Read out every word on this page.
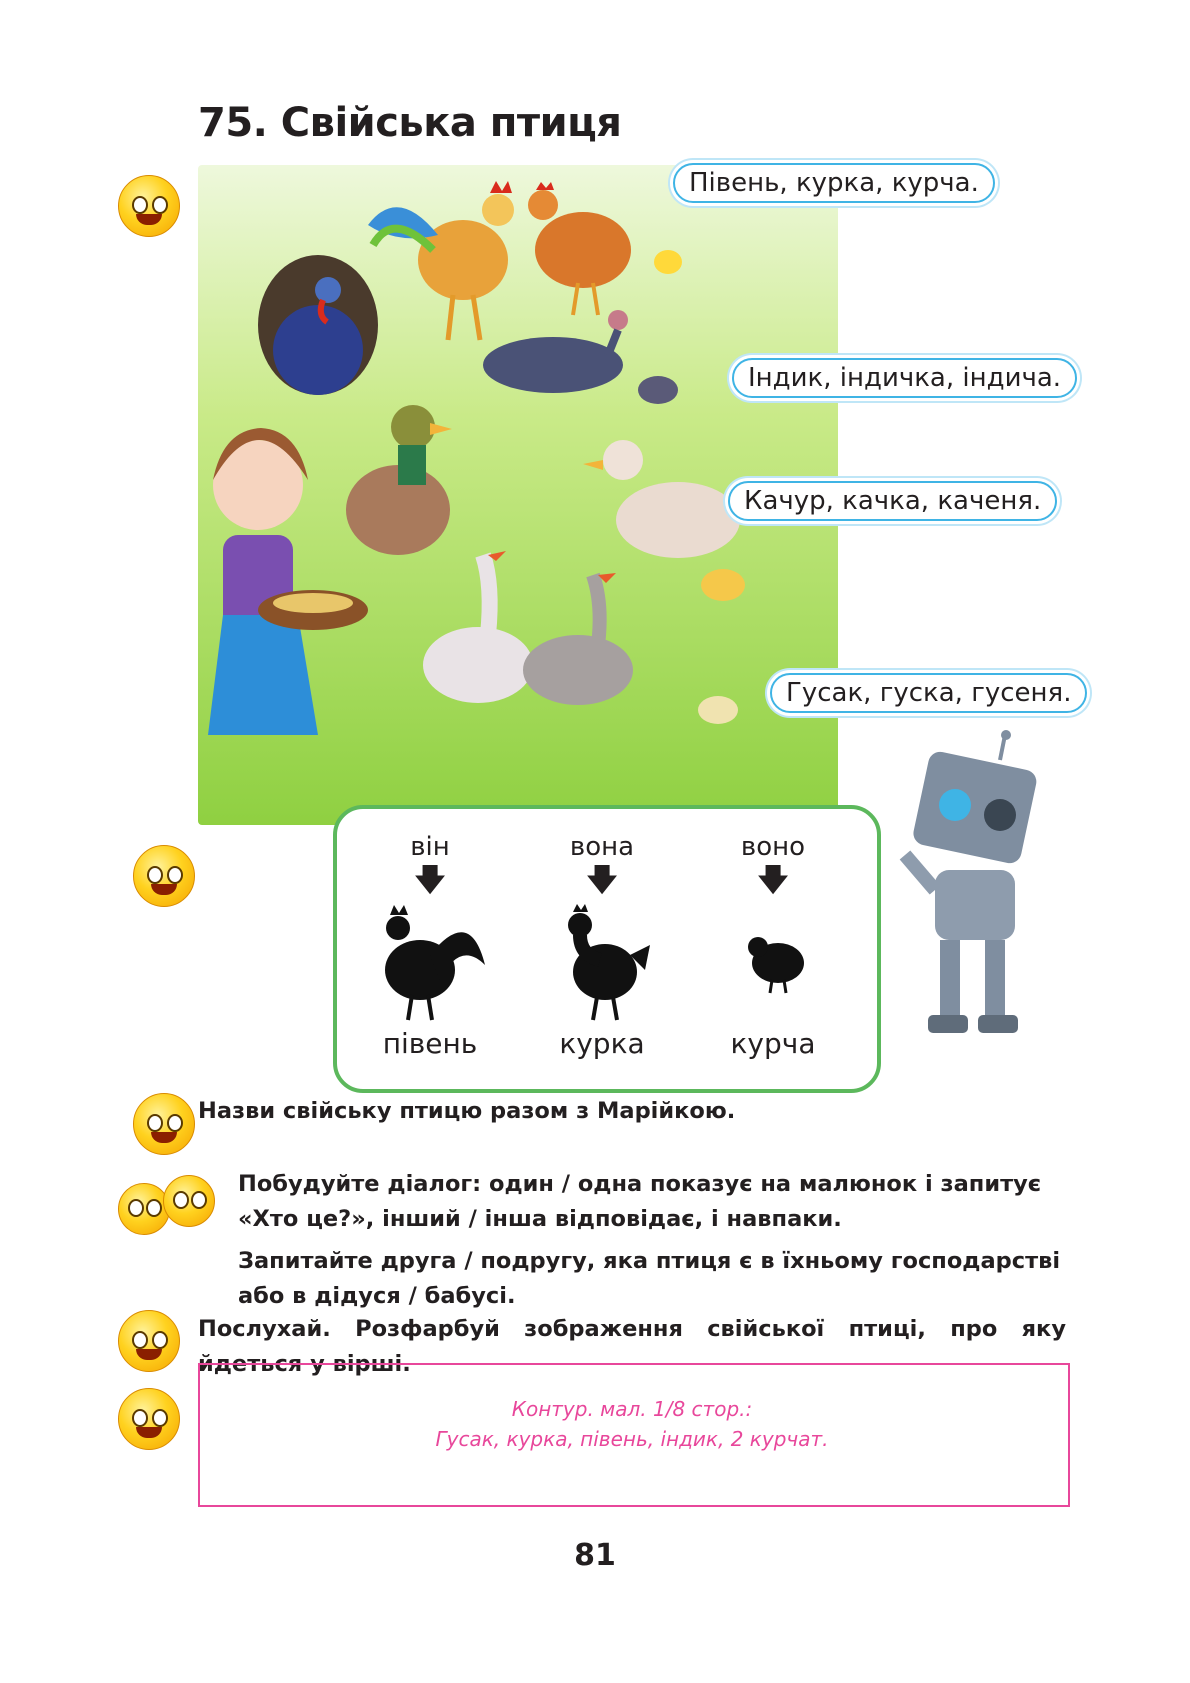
75. Свійська птиця
Півень, курка, курча.
Індик, індичка, індича.
Качур, качка, каченя.
Гусак, гуска, гусеня.
він	вона	воно
🡇	🡇	🡇
півень	курка	курча
Назви свійську птицю разом з Марійкою.
Побудуйте діалог: один / одна показує на малюнок і запитує
«Хто це?», інший / інша відповідає, і навпаки.
Запитайте друга / подругу, яка птиця є в їхньому господарстві
або в дідуся / бабусі.
Послухай. Розфарбуй зображення свійської птиці, про яку
йдеться у вірші.
Контур. мал. 1/8 стор.:
Гусак, курка, півень, індик, 2 курчат.
81
